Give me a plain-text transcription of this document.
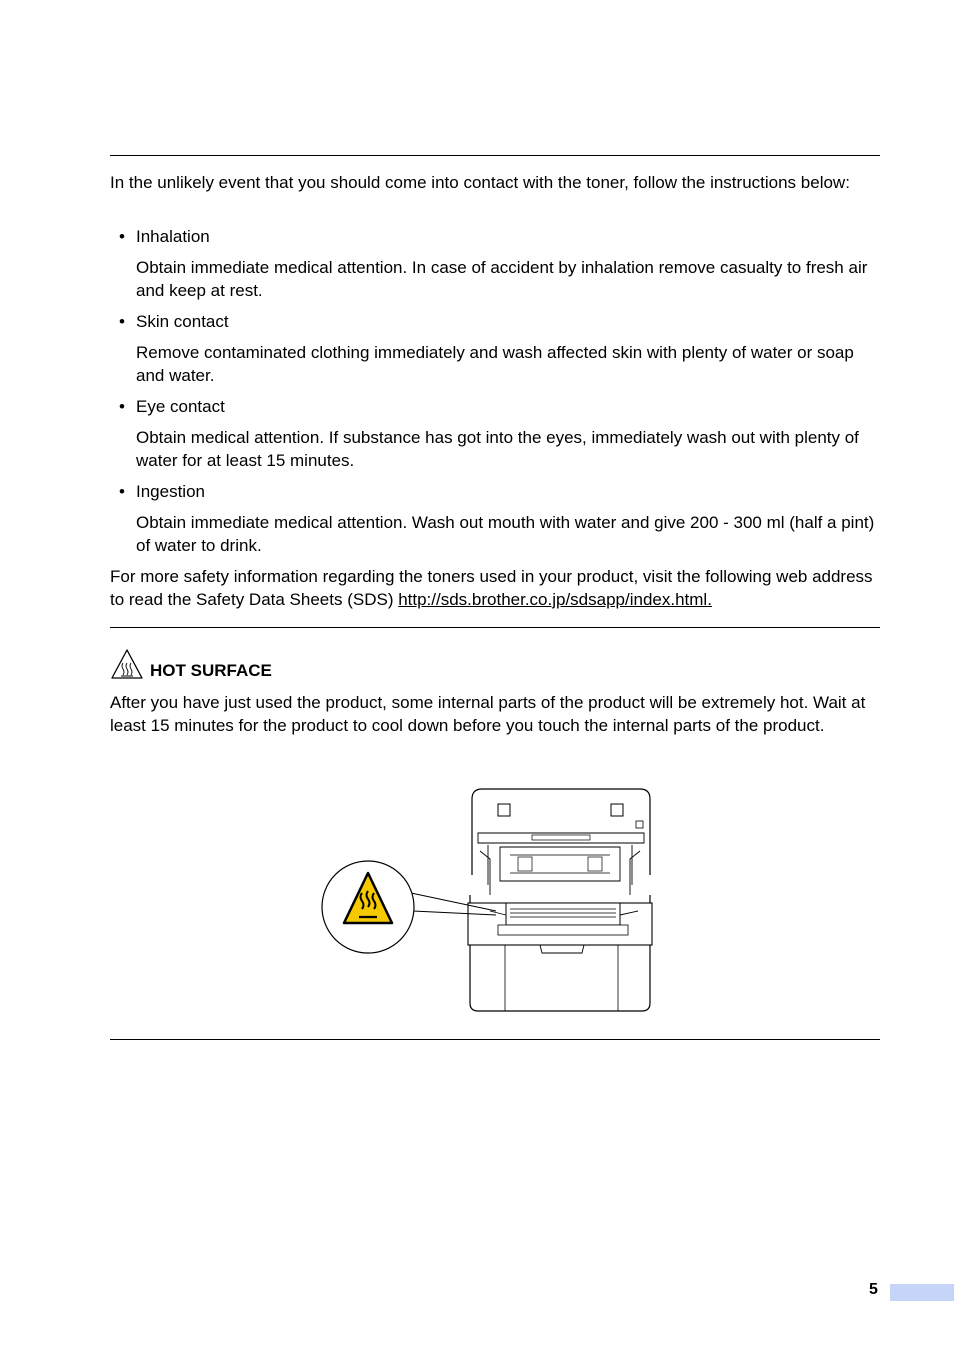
In the unlikely event that you should come into contact with the toner, follow the instructions below:

• Inhalation

Obtain immediate medical attention. In case of accident by inhalation remove casualty to fresh air and keep at rest.

• Skin contact

Remove contaminated clothing immediately and wash affected skin with plenty of water or soap and water.

• Eye contact

Obtain medical attention. If substance has got into the eyes, immediately wash out with plenty of water for at least 15 minutes.

• Ingestion

Obtain immediate medical attention. Wash out mouth with water and give 200 - 300 ml (half a pint) of water to drink.

For more safety information regarding the toners used in your product, visit the following web address to read the Safety Data Sheets (SDS) http://sds.brother.co.jp/sdsapp/index.html.

HOT SURFACE

After you have just used the product, some internal parts of the product will be extremely hot. Wait at least 15 minutes for the product to cool down before you touch the internal parts of the product.

5
